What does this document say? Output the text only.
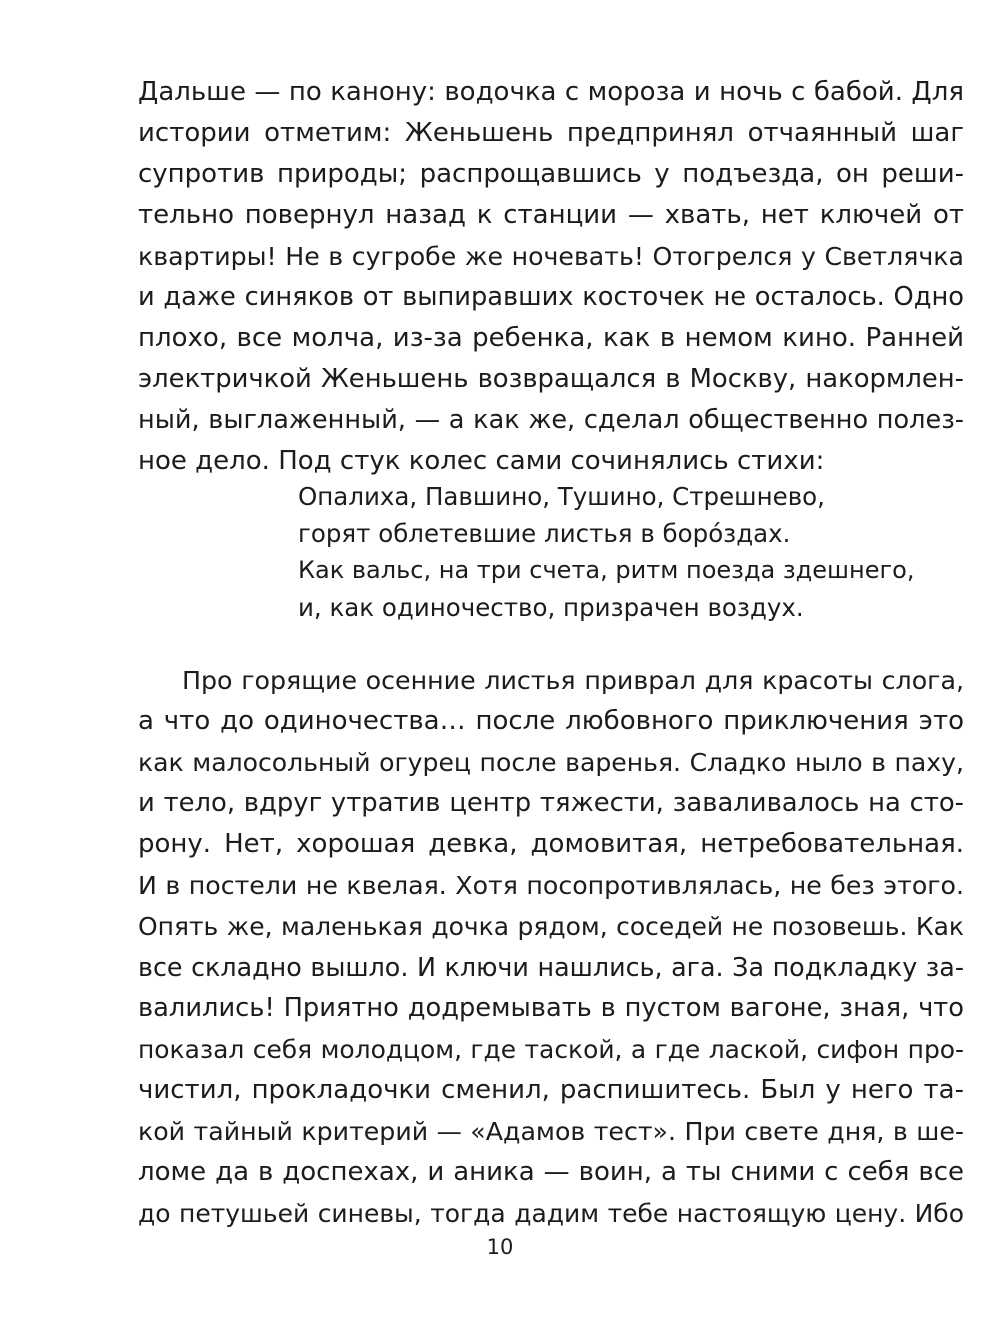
Дальше — по канону: водочка с мороза и ночь с бабой. Для
истории отметим: Женьшень предпринял отчаянный шаг
супротив природы; распрощавшись у подъезда, он реши-
тельно повернул назад к станции — хвать, нет ключей от
квартиры! Не в сугробе же ночевать! Отогрелся у Светлячка
и даже синяков от выпиравших косточек не осталось. Одно
плохо, все молча, из-за ребенка, как в немом кино. Ранней
электричкой Женьшень возвращался в Москву, накормлен-
ный, выглаженный, — а как же, сделал общественно полез-
ное дело. Под стук колес сами сочинялись стихи:
Опалиха, Павшино, Тушино, Стрешнево,
горят облетевшие листья в боро́здах.
Как вальс, на три счета, ритм поезда здешнего,
и, как одиночество, призрачен воздух.
Про горящие осенние листья приврал для красоты слога,
а что до одиночества… после любовного приключения это
как малосольный огурец после варенья. Сладко ныло в паху,
и тело, вдруг утратив центр тяжести, заваливалось на сто-
рону. Нет, хорошая девка, домовитая, нетребовательная.
И в постели не квелая. Хотя посопротивлялась, не без этого.
Опять же, маленькая дочка рядом, соседей не позовешь. Как
все складно вышло. И ключи нашлись, ага. За подкладку за-
валились! Приятно додремывать в пустом вагоне, зная, что
показал себя молодцом, где таской, а где лаской, сифон про-
чистил, прокладочки сменил, распишитесь. Был у него та-
кой тайный критерий — «Адамов тест». При свете дня, в ше-
ломе да в доспехах, и аника — воин, а ты сними с себя все
до петушьей синевы, тогда дадим тебе настоящую цену. Ибо
10
